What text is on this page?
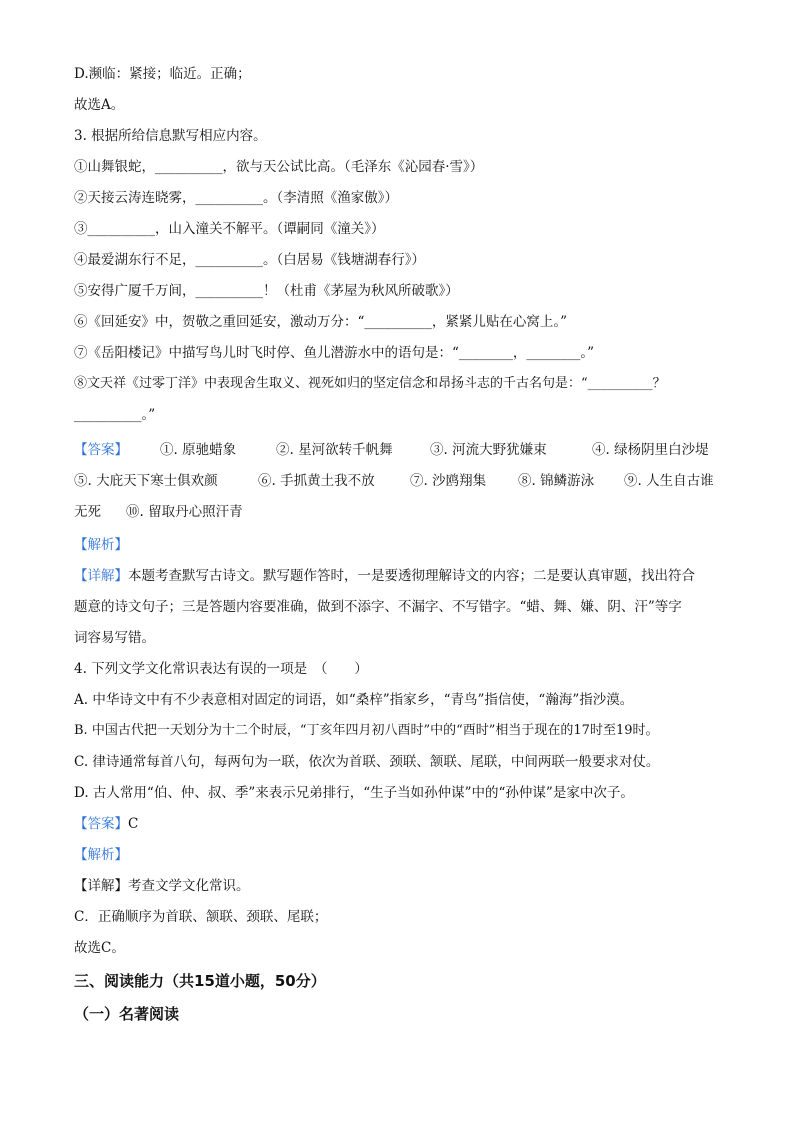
D.濒临：紧接；临近。正确；
故选A。
3. 根据所给信息默写相应内容。
①山舞银蛇，__________，欲与天公试比高。（毛泽东《沁园春·雪》）
②天接云涛连晓雾，__________。（李清照《渔家傲》）
③__________，山入潼关不解平。（谭嗣同《潼关》）
④最爱湖东行不足，__________。（白居易《钱塘湖春行》）
⑤安得广厦千万间，__________！（杜甫《茅屋为秋风所破歌》）
⑥《回延安》中，贺敬之重回延安，激动万分：“__________，紧紧儿贴在心窝上。”
⑦《岳阳楼记》中描写鸟儿时飞时停、鱼儿潜游水中的语句是：“________，________。”
⑧文天祥《过零丁洋》中表现舍生取义、视死如归的坚定信念和昂扬斗志的千古名句是：“__________？
__________。”
【答案】 ①. 原驰蜡象	②. 星河欲转千帆舞	③. 河流大野犹嫌束	④. 绿杨阴里白沙堤
⑤. 大庇天下寒士俱欢颜	⑥. 手抓黄土我不放	⑦. 沙鸥翔集 ⑧. 锦鳞游泳 ⑨. 人生自古谁
无死 ⑩. 留取丹心照汗青
【解析】
【详解】本题考查默写古诗文。默写题作答时，一是要透彻理解诗文的内容；二是要认真审题，找出符合
题意的诗文句子；三是答题内容要准确，做到不添字、不漏字、不写错字。“蜡、舞、嫌、阴、汗”等字
词容易写错。
4. 下列文学文化常识表达有误的一项是　（　　）
A. 中华诗文中有不少表意相对固定的词语，如“桑梓”指家乡，“青鸟”指信使，“瀚海”指沙漠。
B. 中国古代把一天划分为十二个时辰，“丁亥年四月初八酉时”中的“酉时”相当于现在的17时至19时。
C. 律诗通常每首八句，每两句为一联，依次为首联、颈联、颔联、尾联，中间两联一般要求对仗。
D. 古人常用“伯、仲、叔、季”来表示兄弟排行，“生子当如孙仲谋”中的“孙仲谋”是家中次子。
【答案】C
【解析】
【详解】考查文学文化常识。
C．正确顺序为首联、颔联、颈联、尾联；
故选C。
三、阅读能力（共15道小题，50分）
（一）名著阅读
